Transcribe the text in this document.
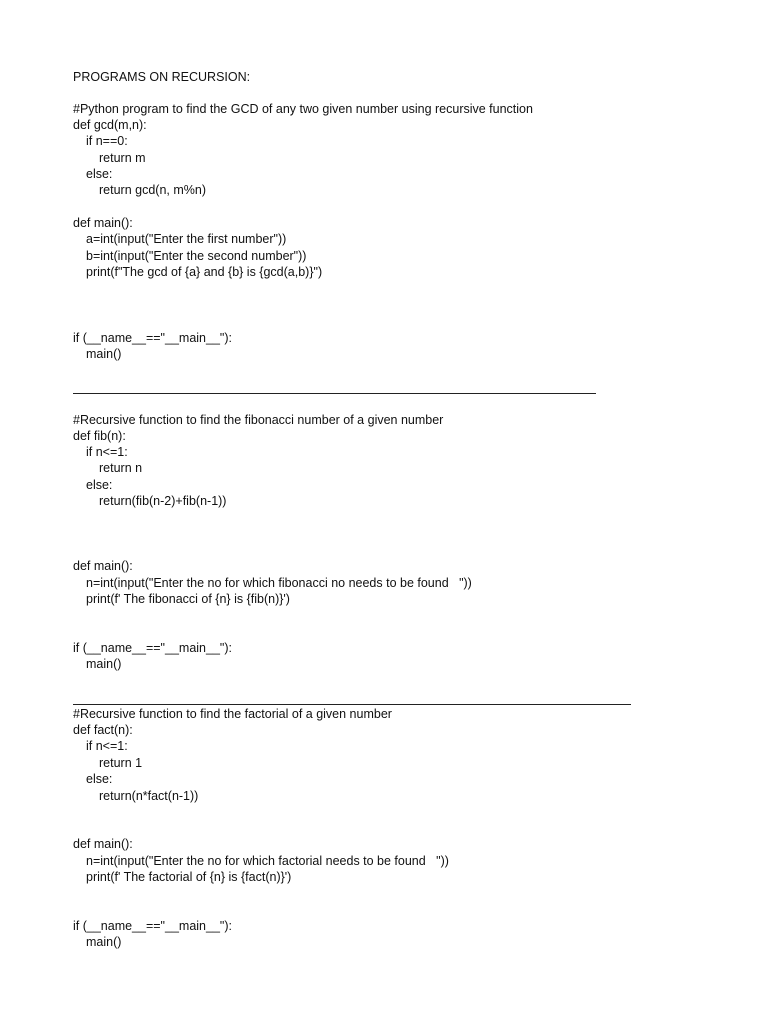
PROGRAMS ON RECURSION:

#Python program to find the GCD of any two given number using recursive function

def gcd(m,n):

if n==0:

return m

else:

return gcd(n, m%n)

def main():

a=int(input("Enter the first number"))

b=int(input("Enter the second number"))

print(f"The gcd of {a} and {b} is {gcd(a,b)}")

if (__name__=="__main__"):

main()

#Recursive function to find the fibonacci number of a given number

def fib(n):

if n<=1:

return n

else:

return(fib(n-2)+fib(n-1))

def main():

n=int(input("Enter the no for which fibonacci no needs to be found   "))

print(f' The fibonacci of {n} is {fib(n)}')

if (__name__=="__main__"):

main()

#Recursive function to find the factorial of a given number

def fact(n):

if n<=1:

return 1

else:

return(n*fact(n-1))

def main():

n=int(input("Enter the no for which factorial needs to be found   "))

print(f' The factorial of {n} is {fact(n)}')

if (__name__=="__main__"):

main()
